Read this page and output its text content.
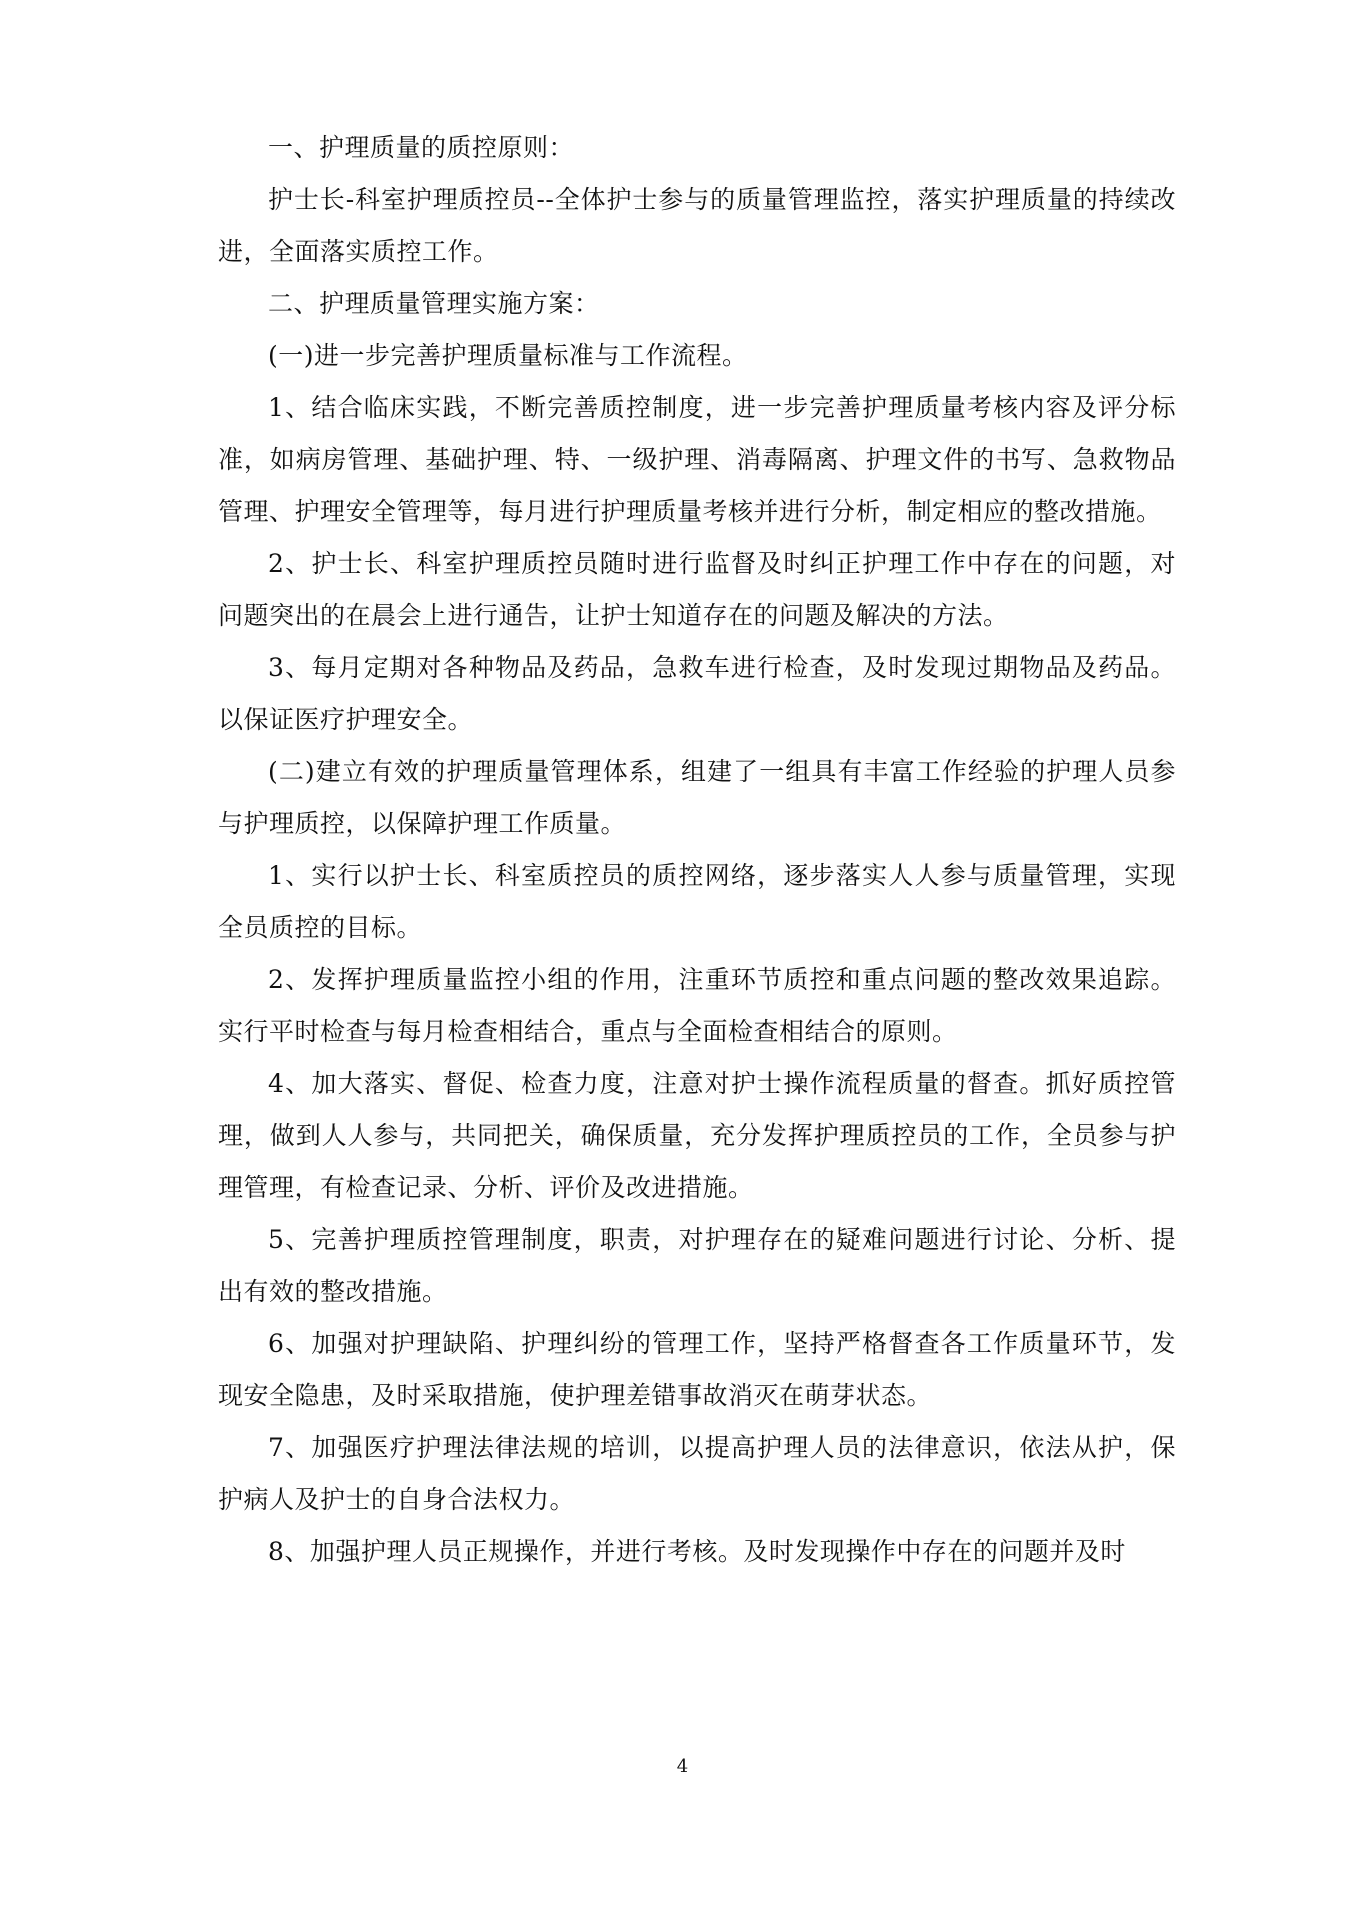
一、护理质量的质控原则：

护士长-科室护理质控员--全体护士参与的质量管理监控，落实护理质量的持续改进，全面落实质控工作。

二、护理质量管理实施方案：

(一)进一步完善护理质量标准与工作流程。

1、结合临床实践，不断完善质控制度，进一步完善护理质量考核内容及评分标准，如病房管理、基础护理、特、一级护理、消毒隔离、护理文件的书写、急救物品管理、护理安全管理等，每月进行护理质量考核并进行分析，制定相应的整改措施。

2、护士长、科室护理质控员随时进行监督及时纠正护理工作中存在的问题，对问题突出的在晨会上进行通告，让护士知道存在的问题及解决的方法。

3、每月定期对各种物品及药品，急救车进行检查，及时发现过期物品及药品。以保证医疗护理安全。

(二)建立有效的护理质量管理体系，组建了一组具有丰富工作经验的护理人员参与护理质控，以保障护理工作质量。

1、实行以护士长、科室质控员的质控网络，逐步落实人人参与质量管理，实现全员质控的目标。

2、发挥护理质量监控小组的作用，注重环节质控和重点问题的整改效果追踪。实行平时检查与每月检查相结合，重点与全面检查相结合的原则。

4、加大落实、督促、检查力度，注意对护士操作流程质量的督查。抓好质控管理，做到人人参与，共同把关，确保质量，充分发挥护理质控员的工作，全员参与护理管理，有检查记录、分析、评价及改进措施。

5、完善护理质控管理制度，职责，对护理存在的疑难问题进行讨论、分析、提出有效的整改措施。

6、加强对护理缺陷、护理纠纷的管理工作，坚持严格督查各工作质量环节，发现安全隐患，及时采取措施，使护理差错事故消灭在萌芽状态。

7、加强医疗护理法律法规的培训，以提高护理人员的法律意识，依法从护，保护病人及护士的自身合法权力。

8、加强护理人员正规操作，并进行考核。及时发现操作中存在的问题并及时

4
